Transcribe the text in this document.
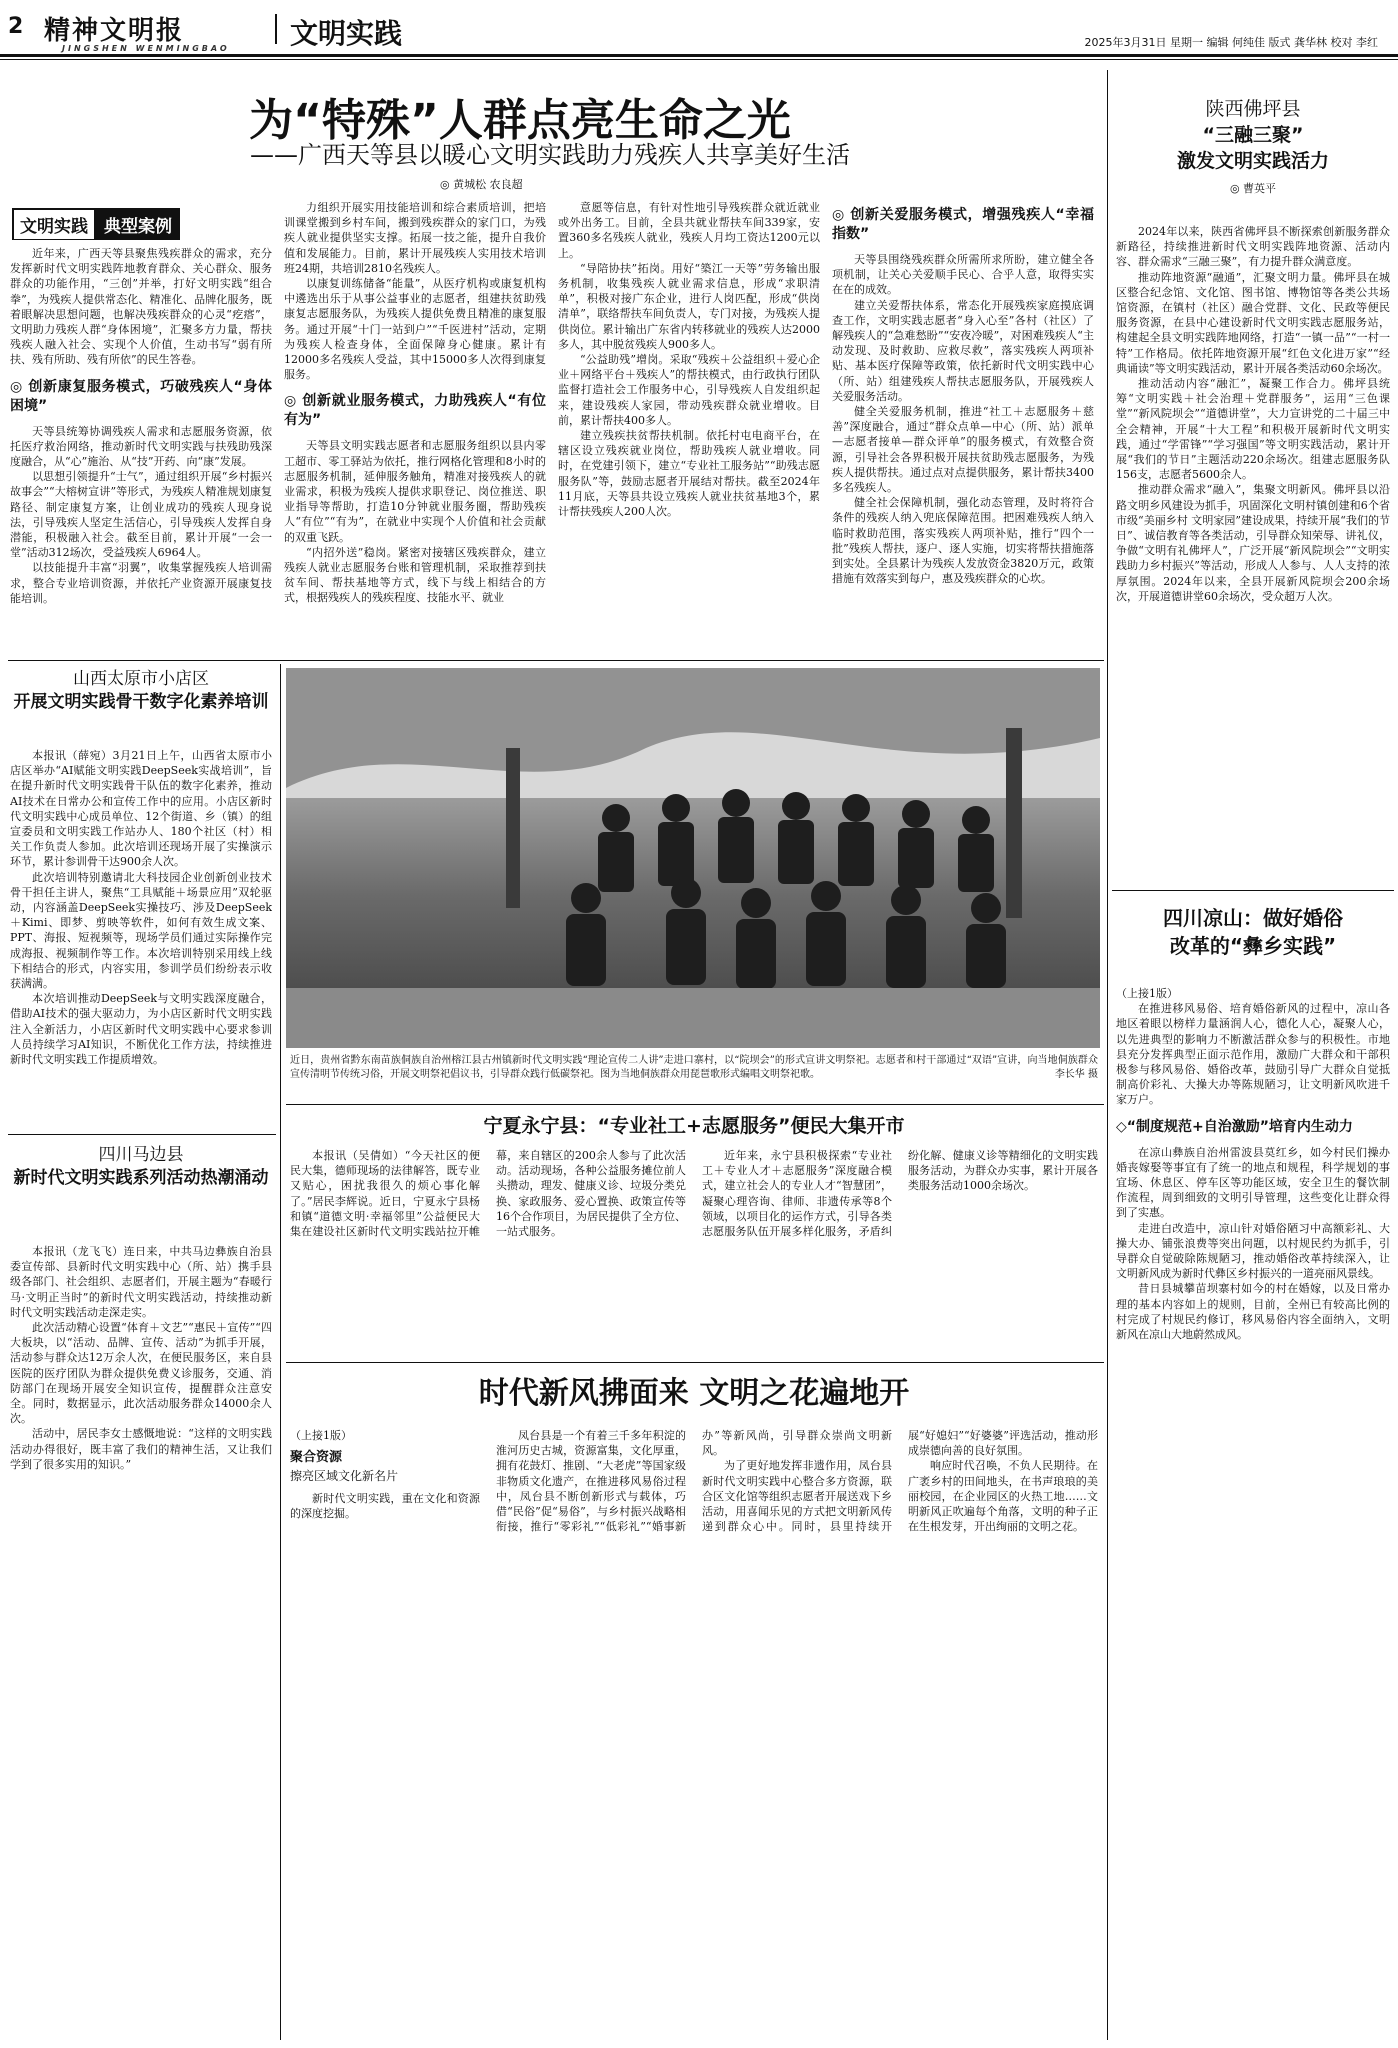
2 精神文明报
JINGSHEN WENMINGBAO 文明实践	2025年3月31日 星期一 编辑 何纯佳 版式 龚华林 校对 李红
为“特殊”人群点亮生命之光
——广西天等县以暖心文明实践助力残疾人共享美好生活
◎ 黄城松 农良超
文明实践 典型案例

近年来，广西天等县聚焦残疾群众的需求，充分发挥新时代文明实践阵地教育群众、关心群众、服务群众的功能作用，“三创”并举，打好文明实践“组合拳”，为残疾人提供常态化、精准化、品牌化服务，既着眼解决思想问题，也解决残疾群众的心灵“疙瘩”，文明助力残疾人群“身体困境”，汇聚多方力量，帮扶残疾人融入社会、实现个人价值，生动书写“弱有所扶、残有所助、残有所依”的民生答卷。

◎ 创新康复服务模式，巧破残疾人“身体困境”

天等县统筹协调残疾人需求和志愿服务资源，依托医疗救治网络，推动新时代文明实践与扶残助残深度融合，从“心”施治、从“技”开药、向“康”发展。

以思想引领提升“士气”，通过组织开展“乡村振兴故事会”“大榕树宣讲”等形式，为残疾人精准规划康复路径、制定康复方案，让创业成功的残疾人现身说法，引导残疾人坚定生活信心，引导残疾人发挥自身潜能，积极融入社会。截至目前，累计开展“一会一堂”活动312场次，受益残疾人6964人。

以技能提升丰富“羽翼”，收集掌握残疾人培训需求，整合专业培训资源，并依托产业资源开展康复技能培训。

力组织开展实用技能培训和综合素质培训，把培训课堂搬到乡村车间，搬到残疾群众的家门口，为残疾人就业提供坚实支撑。拓展一技之能，提升自我价值和发展能力。目前，累计开展残疾人实用技术培训班24期，共培训2810名残疾人。

以康复训练储备“能量”，从医疗机构或康复机构中遴选出乐于从事公益事业的志愿者，组建扶贫助残康复志愿服务队，为残疾人提供免费且精准的康复服务。通过开展“十门一站到户”“千医进村”活动，定期为残疾人检查身体，全面保障身心健康。累计有12000多名残疾人受益，其中15000多人次得到康复服务。

◎ 创新就业服务模式，力助残疾人“有位有为”

天等县文明实践志愿者和志愿服务组织以县内零工超市、零工驿站为依托，推行网格化管理和8小时的志愿服务机制，延伸服务触角，精准对接残疾人的就业需求，积极为残疾人提供求职登记、岗位推送、职业指导等帮助，打造10分钟就业服务圈，帮助残疾人“有位”“有为”，在就业中实现个人价值和社会贡献的双重飞跃。

“内招外送”稳岗。紧密对接辖区残疾群众，建立残疾人就业志愿服务台账和管理机制，采取推荐到扶贫车间、帮扶基地等方式，线下与线上相结合的方式，根据残疾人的残疾程度、技能水平、就业

意愿等信息，有针对性地引导残疾群众就近就业或外出务工。目前，全县共就业帮扶车间339家，安置360多名残疾人就业，残疾人月均工资达1200元以上。

“导陪协扶”拓岗。用好“築江一天等”劳务输出服务机制，收集残疾人就业需求信息，形成“求职清单”，积极对接广东企业，进行人岗匹配，形成“供岗清单”，联络帮扶车间负责人，专门对接，为残疾人提供岗位。累计输出广东省内转移就业的残疾人达2000多人，其中脱贫残疾人900多人。

“公益助残”增岗。采取“残疾＋公益组织＋爱心企业＋网络平台＋残疾人”的帮扶模式，由行政执行团队监督打造社会工作服务中心，引导残疾人自发组织起来，建设残疾人家园，带动残疾群众就业增收。目前，累计帮扶400多人。

建立残疾扶贫帮扶机制。依托村屯电商平台，在辖区设立残疾就业岗位，帮助残疾人就业增收。同时，在党建引领下，建立“专业社工服务站”“助残志愿服务队”等，鼓励志愿者开展结对帮扶。截至2024年11月底，天等县共设立残疾人就业扶贫基地3个，累计帮扶残疾人200人次。

◎ 创新关爱服务模式，增强残疾人“幸福指数”

天等县围绕残疾群众所需所求所盼，建立健全各项机制，让关心关爱顺手民心、合乎人意，取得实实在在的成效。

建立关爱帮扶体系，常态化开展残疾家庭摸底调查工作，文明实践志愿者“身入心至”各村（社区）了解残疾人的“急难愁盼”“安夜冷暖”，对困难残疾人“主动发现、及时救助、应救尽救”，落实残疾人两项补贴、基本医疗保障等政策，依托新时代文明实践中心（所、站）组建残疾人帮扶志愿服务队，开展残疾人关爱服务活动。

健全关爱服务机制，推进“社工＋志愿服务＋慈善”深度融合，通过“群众点单—中心（所、站）派单—志愿者接单—群众评单”的服务模式，有效整合资源，引导社会各界积极开展扶贫助残志愿服务，为残疾人提供帮扶。通过点对点提供服务，累计帮扶3400多名残疾人。

健全社会保障机制，强化动态管理，及时将符合条件的残疾人纳入兜底保障范围。把困难残疾人纳入临时救助范围，落实残疾人两项补贴，推行“四个一批”残疾人帮扶，逐户、逐人实施，切实将帮扶措施落到实处。全县累计为残疾人发放资金3820万元，政策措施有效落实到每户，惠及残疾群众的心坎。

陕西佛坪县
“三融三聚”
激发文明实践活力
◎ 曹英平

2024年以来，陕西省佛坪县不断探索创新服务群众新路径，持续推进新时代文明实践阵地资源、活动内容、群众需求“三融三聚”，有力提升群众满意度。

推动阵地资源“融通”，汇聚文明力量。佛坪县在城区整合纪念馆、文化馆、图书馆、博物馆等各类公共场馆资源，在镇村（社区）融合党群、文化、民政等便民服务资源，在县中心建设新时代文明实践志愿服务站，构建起全县文明实践阵地网络，打造“一镇一品”“一村一特”工作格局。依托阵地资源开展“红色文化进万家”“经典诵读”等文明实践活动，累计开展各类活动60余场次。

推动活动内容“融汇”，凝聚工作合力。佛坪县统筹“文明实践＋社会治理＋党群服务”，运用“三色课堂”“新风院坝会”“道德讲堂”，大力宣讲党的二十届三中全会精神，开展“十大工程”和积极开展新时代文明实践，通过“学雷锋”“学习强国”等文明实践活动，累计开展“我们的节日”主题活动220余场次。组建志愿服务队156支，志愿者5600余人。

推动群众需求“融入”，集聚文明新风。佛坪县以沿路文明乡风建设为抓手，巩固深化文明村镇创建和6个省市级“美丽乡村 文明家园”建设成果，持续开展“我们的节日”、诚信教育等各类活动，引导群众知荣辱、讲礼仪，争做“文明有礼佛坪人”，广泛开展“新风院坝会”“文明实践助力乡村振兴”等活动，形成人人参与、人人支持的浓厚氛围。2024年以来，全县开展新风院坝会200余场次，开展道德讲堂60余场次，受众超万人次。

山西太原市小店区
开展文明实践骨干数字化素养培训

本报讯（薛宛）3月21日上午，山西省太原市小店区举办“AI赋能文明实践DeepSeek实战培训”，旨在提升新时代文明实践骨干队伍的数字化素养，推动AI技术在日常办公和宣传工作中的应用。小店区新时代文明实践中心成员单位、12个街道、乡（镇）的组宣委员和文明实践工作站办人、180个社区（村）相关工作负责人参加。此次培训还现场开展了实操演示环节，累计参训骨干达900余人次。

此次培训特别邀请北大科技园企业创新创业技术骨干担任主讲人，聚焦“工具赋能＋场景应用”双轮驱动，内容涵盖DeepSeek实操技巧、涉及DeepSeek＋Kimi、即梦、剪映等软件，如何有效生成文案、PPT、海报、短视频等，现场学员们通过实际操作完成海报、视频制作等工作。本次培训特别采用线上线下相结合的形式，内容实用，参训学员们纷纷表示收获满满。

本次培训推动DeepSeek与文明实践深度融合，借助AI技术的强大驱动力，为小店区新时代文明实践注入全新活力，小店区新时代文明实践中心要求参训人员持续学习AI知识，不断优化工作方法，持续推进新时代文明实践工作提质增效。

四川马边县
新时代文明实践系列活动热潮涌动

本报讯（龙飞飞）连日来，中共马边彝族自治县委宣传部、县新时代文明实践中心（所、站）携手县级各部门、社会组织、志愿者们，开展主题为“春暖行马·文明正当时”的新时代文明实践活动，持续推动新时代文明实践活动走深走实。

此次活动精心设置“体育＋文艺”“惠民＋宣传”“四大板块，以“活动、品牌、宣传、活动”为抓手开展，活动参与群众达12万余人次，在便民服务区，来自县医院的医疗团队为群众提供免费义诊服务，交通、消防部门在现场开展安全知识宣传，提醒群众注意安全。同时，数据显示，此次活动服务群众14000余人次。

活动中，居民李女士感慨地说：“这样的文明实践活动办得很好，既丰富了我们的精神生活，又让我们学到了很多实用的知识。”

近日，贵州省黔东南苗族侗族自治州榕江县古州镇新时代文明实践“理论宣传二人讲”走进口寨村，以“院坝会”的形式宣讲文明祭祀。志愿者和村干部通过“双语”宣讲，向当地侗族群众宣传清明节传统习俗，开展文明祭祀倡议书，引导群众践行低碳祭祀。图为当地侗族群众用琵琶歌形式编唱文明祭祀歌。	李长华 摄
宁夏永宁县：“专业社工+志愿服务”便民大集开市

本报讯（吴倩如）“今天社区的便民大集，德师现场的法律解答，既专业又贴心，困扰我很久的烦心事化解了。”居民李辉说。近日，宁夏永宁县杨和镇“道德文明·幸福邻里”公益便民大集在建设社区新时代文明实践站拉开帷幕，来自辖区的200余人参与了此次活动。活动现场，各种公益服务摊位前人头攒动，理发、健康义诊、垃圾分类兑换、家政服务、爱心置换、政策宣传等16个合作项目，为居民提供了全方位、一站式服务。

近年来，永宁县积极探索“专业社工＋专业人才＋志愿服务”深度融合模式，建立社会人的专业人才“智慧团”，凝聚心理咨询、律师、非遗传承等8个领域，以项目化的运作方式，引导各类志愿服务队伍开展多样化服务，矛盾纠纷化解、健康义诊等精细化的文明实践服务活动，为群众办实事，累计开展各类服务活动1000余场次。

时代新风拂面来 文明之花遍地开
（上接1版）
聚合资源
擦亮区域文化新名片

新时代文明实践，重在文化和资源的深度挖掘。

凤台县是一个有着三千多年积淀的淮河历史古城，资源富集，文化厚重，拥有花鼓灯、推剧、“大老虎”等国家级非物质文化遗产，在推进移风易俗过程中，凤台县不断创新形式与载体，巧借“民俗”促“易俗”，与乡村振兴战略相衔接，推行“零彩礼”“低彩礼”“婚事新办”等新风尚，引导群众崇尚文明新风。

为了更好地发挥非遗作用，凤台县新时代文明实践中心整合多方资源，联合区文化馆等组织志愿者开展送戏下乡活动，用喜闻乐见的方式把文明新风传递到群众心中。同时，县里持续开展“好媳妇”“好婆婆”评选活动，推动形成崇德向善的良好氛围。

响应时代召唤，不负人民期待。在广袤乡村的田间地头，在书声琅琅的美丽校园，在企业园区的火热工地……文明新风正吹遍每个角落，文明的种子正在生根发芽，开出绚丽的文明之花。

四川凉山：做好婚俗
改革的“彝乡实践”
（上接1版）

在推进移风易俗、培育婚俗新风的过程中，凉山各地区着眼以榜样力量涵润人心，德化人心，凝聚人心，以先进典型的影响力不断激活群众参与的积极性。市地县充分发挥典型正面示范作用，激励广大群众和干部积极参与移风易俗、婚俗改革，鼓励引导广大群众自觉抵制高价彩礼、大操大办等陈规陋习，让文明新风吹进千家万户。

◇“制度规范+自治激励”培育内生动力

在凉山彝族自治州雷波县莫红乡，如今村民们操办婚丧嫁娶等事宜有了统一的地点和规程，科学规划的事宜场、休息区、停车区等功能区域，安全卫生的餐饮制作流程，周到细致的文明引导管理，这些变化让群众得到了实惠。

走进白改造中，凉山针对婚俗陋习中高额彩礼、大操大办、铺张浪费等突出问题，以村规民约为抓手，引导群众自觉破除陈规陋习，推动婚俗改革持续深入，让文明新风成为新时代彝区乡村振兴的一道亮丽风景线。

昔日县城攀苗坝寨村如今的村在婚嫁，以及日常办理的基本内容如上的规则，目前，全州已有较高比例的村完成了村规民约修订，移风易俗内容全面纳入，文明新风在凉山大地蔚然成风。
